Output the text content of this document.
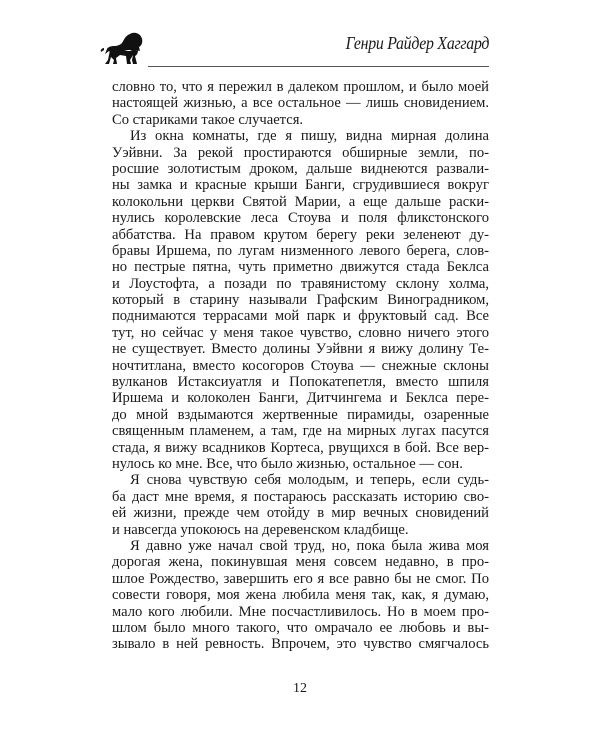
Генри Райдер Хаггард
словно то, что я пережил в далеком прошлом, и было моей
настоящей жизнью, а все остальное — лишь сновидением.
Со стариками такое случается.
Из окна комнаты, где я пишу, видна мирная долина
Уэйвни. За рекой простираются обширные земли, по-
росшие золотистым дроком, дальше виднеются развали-
ны замка и красные крыши Банги, сгрудившиеся вокруг
колокольни церкви Святой Марии, а еще дальше раски-
нулись королевские леса Стоува и поля фликстонского
аббатства. На правом крутом берегу реки зеленеют ду-
бравы Иршема, по лугам низменного левого берега, слов-
но пестрые пятна, чуть приметно движутся стада Беклса
и Лоустофта, а позади по травянистому склону холма,
который в старину называли Графским Виноградником,
поднимаются террасами мой парк и фруктовый сад. Все
тут, но сейчас у меня такое чувство, словно ничего этого
не существует. Вместо долины Уэйвни я вижу долину Те-
ночтитлана, вместо косогоров Стоува — снежные склоны
вулканов Истаксиуатля и Попокатепетля, вместо шпиля
Иршема и колоколен Банги, Дитчингема и Беклса пере-
до мной вздымаются жертвенные пирамиды, озаренные
священным пламенем, а там, где на мирных лугах пасутся
стада, я вижу всадников Кортеса, рвущихся в бой. Все вер-
нулось ко мне. Все, что было жизнью, остальное — сон.
Я снова чувствую себя молодым, и теперь, если судь-
ба даст мне время, я постараюсь рассказать историю сво-
ей жизни, прежде чем отойду в мир вечных сновидений
и навсегда упокоюсь на деревенском кладбище.
Я давно уже начал свой труд, но, пока была жива моя
дорогая жена, покинувшая меня совсем недавно, в про-
шлое Рождество, завершить его я все равно бы не смог. По
совести говоря, моя жена любила меня так, как, я думаю,
мало кого любили. Мне посчастливилось. Но в моем про-
шлом было много такого, что омрачало ее любовь и вы-
зывало в ней ревность. Впрочем, это чувство смягчалось
12
